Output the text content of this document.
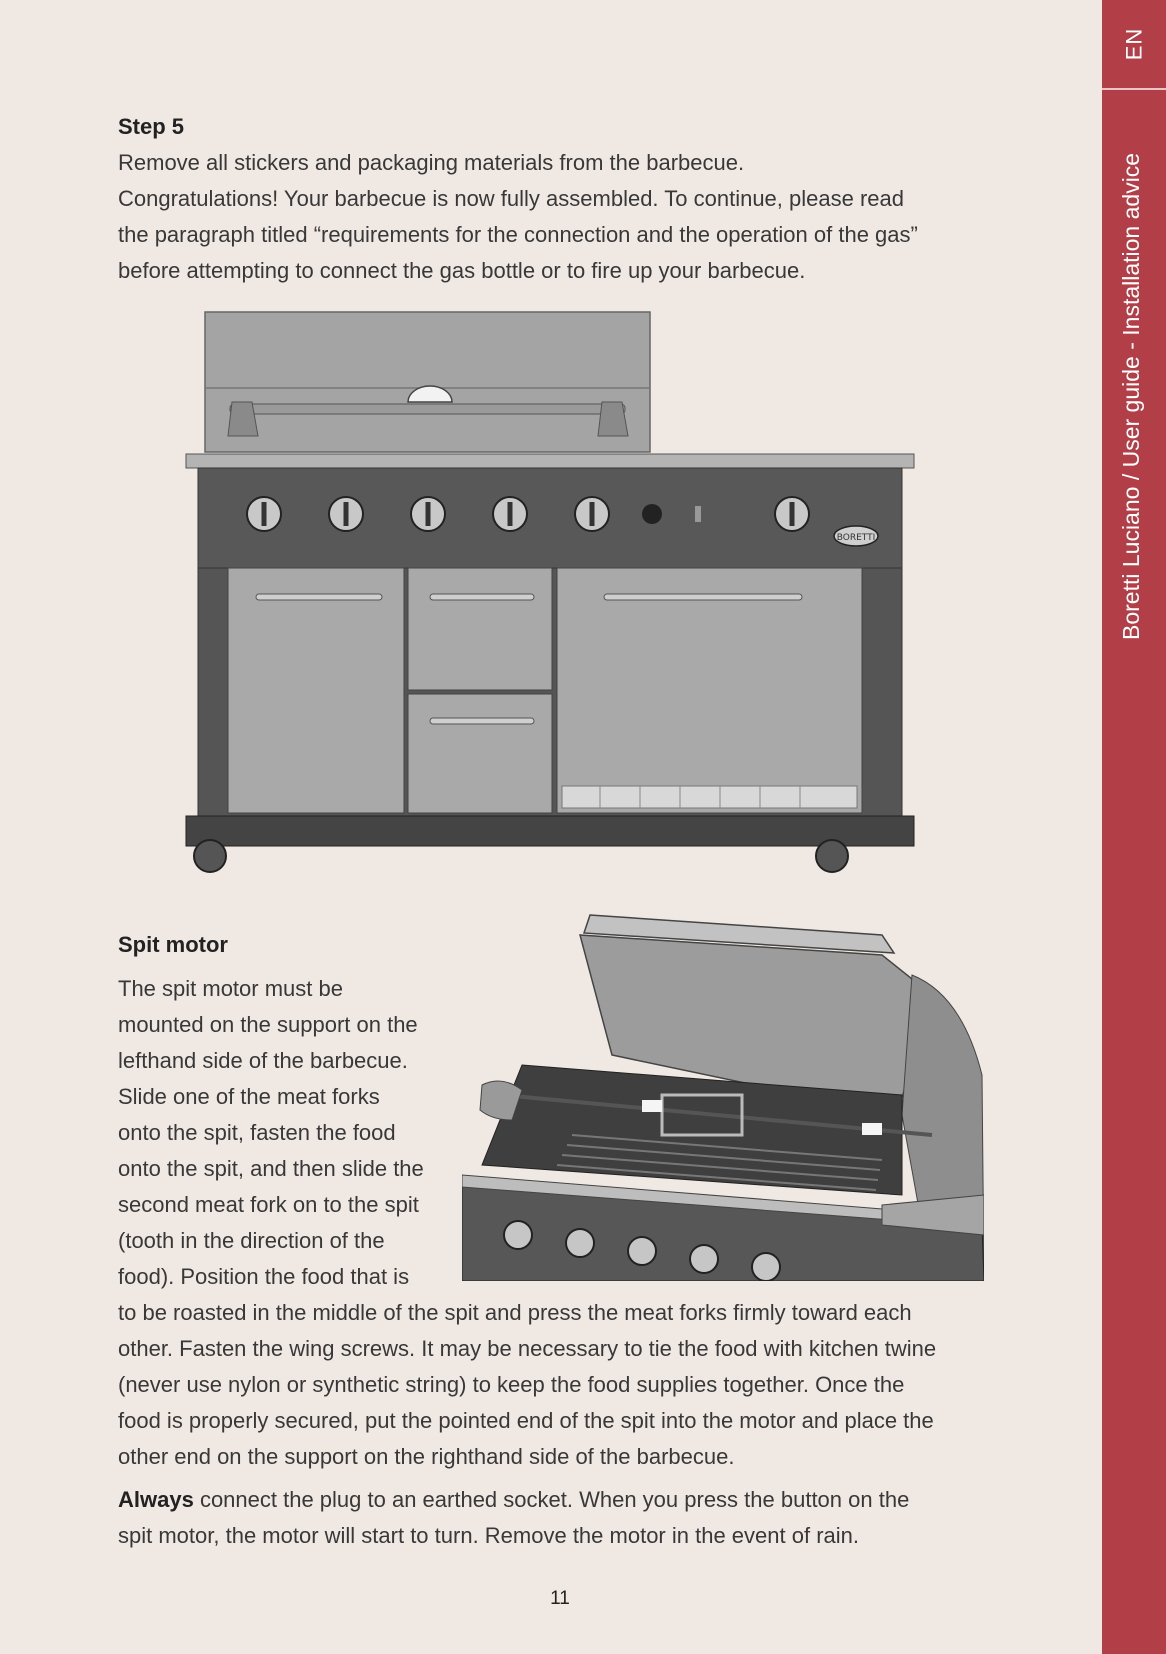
Step 5
Remove all stickers and packaging materials from the barbecue.
Congratulations! Your barbecue is now fully assembled. To continue, please read
the paragraph titled “requirements for the connection and the operation of the gas”
before attempting to connect the gas bottle or to fire up your barbecue.
BORETTI
Spit motor
The spit motor must be
mounted on the support on the
lefthand side of the barbecue.
Slide one of the meat forks
onto the spit, fasten the food
onto the spit, and then slide the
second meat fork on to the spit
(tooth in the direction of the
food). Position the food that is
to be roasted in the middle of the spit and press the meat forks firmly toward each
other. Fasten the wing screws. It may be necessary to tie the food with kitchen twine
(never use nylon or synthetic string) to keep the food supplies together. Once the
food is properly secured, put the pointed end of the spit into the motor and place the
other end on the support on the righthand side of the barbecue.
Always connect the plug to an earthed socket. When you press the button on the
spit motor, the motor will start to turn. Remove the motor in the event of rain.
11
EN
Boretti Luciano / User guide - Installation advice
